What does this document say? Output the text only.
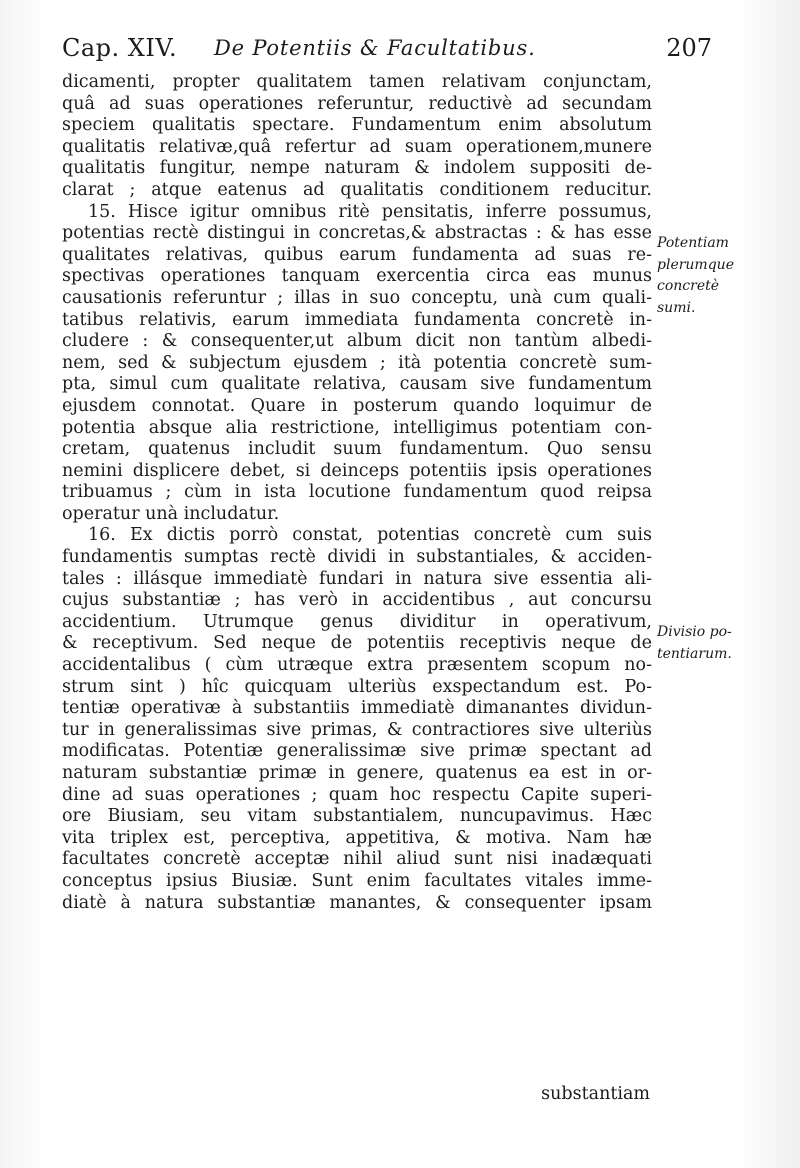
Cap. XIV. De Potentiis & Facultatibus.	207
dicamenti, propter qualitatem tamen relativam conjunctam,
quâ ad suas operationes referuntur, reductivè ad secundam
speciem qualitatis spectare. Fundamentum enim absolutum
qualitatis relativæ,quâ refertur ad suam operationem,munere
qualitatis fungitur, nempe naturam & indolem suppositi de-
clarat ; atque eatenus ad qualitatis conditionem reducitur.
15. Hisce igitur omnibus ritè pensitatis, inferre possumus,
potentias rectè distingui in concretas,& abstractas : & has esse
qualitates relativas, quibus earum fundamenta ad suas re-
spectivas operationes tanquam exercentia circa eas munus
causationis referuntur ; illas in suo conceptu, unà cum quali-
tatibus relativis, earum immediata fundamenta concretè in-
cludere : & consequenter,ut album dicit non tantùm albedi-
nem, sed & subjectum ejusdem ; ità potentia concretè sum-
pta, simul cum qualitate relativa, causam sive fundamentum
ejusdem connotat. Quare in posterum quando loquimur de
potentia absque alia restrictione, intelligimus potentiam con-
cretam, quatenus includit suum fundamentum. Quo sensu
nemini displicere debet, si deinceps potentiis ipsis operationes
tribuamus ; cùm in ista locutione fundamentum quod reipsa
operatur unà includatur.
16. Ex dictis porrò constat, potentias concretè cum suis
fundamentis sumptas rectè dividi in substantiales, & acciden-
tales : illásque immediatè fundari in natura sive essentia ali-
cujus substantiæ ; has verò in accidentibus , aut concursu
accidentium. Utrumque genus dividitur in operativum,
& receptivum. Sed neque de potentiis receptivis neque de
accidentalibus ( cùm utræque extra præsentem scopum no-
strum sint ) hîc quicquam ulteriùs exspectandum est. Po-
tentiæ operativæ à substantiis immediatè dimanantes dividun-
tur in generalissimas sive primas, & contractiores sive ulteriùs
modificatas. Potentiæ generalissimæ sive primæ spectant ad
naturam substantiæ primæ in genere, quatenus ea est in or-
dine ad suas operationes ; quam hoc respectu Capite superi-
ore Biusiam, seu vitam substantialem, nuncupavimus. Hæc
vita triplex est, perceptiva, appetitiva, & motiva. Nam hæ
facultates concretè acceptæ nihil aliud sunt nisi inadæquati
conceptus ipsius Biusiæ. Sunt enim facultates vitales imme-
diatè à natura substantiæ manantes, & consequenter ipsam
substantiam
Potentiam
plerumque
concretè
sumi.
Divisio po-
tentiarum.
